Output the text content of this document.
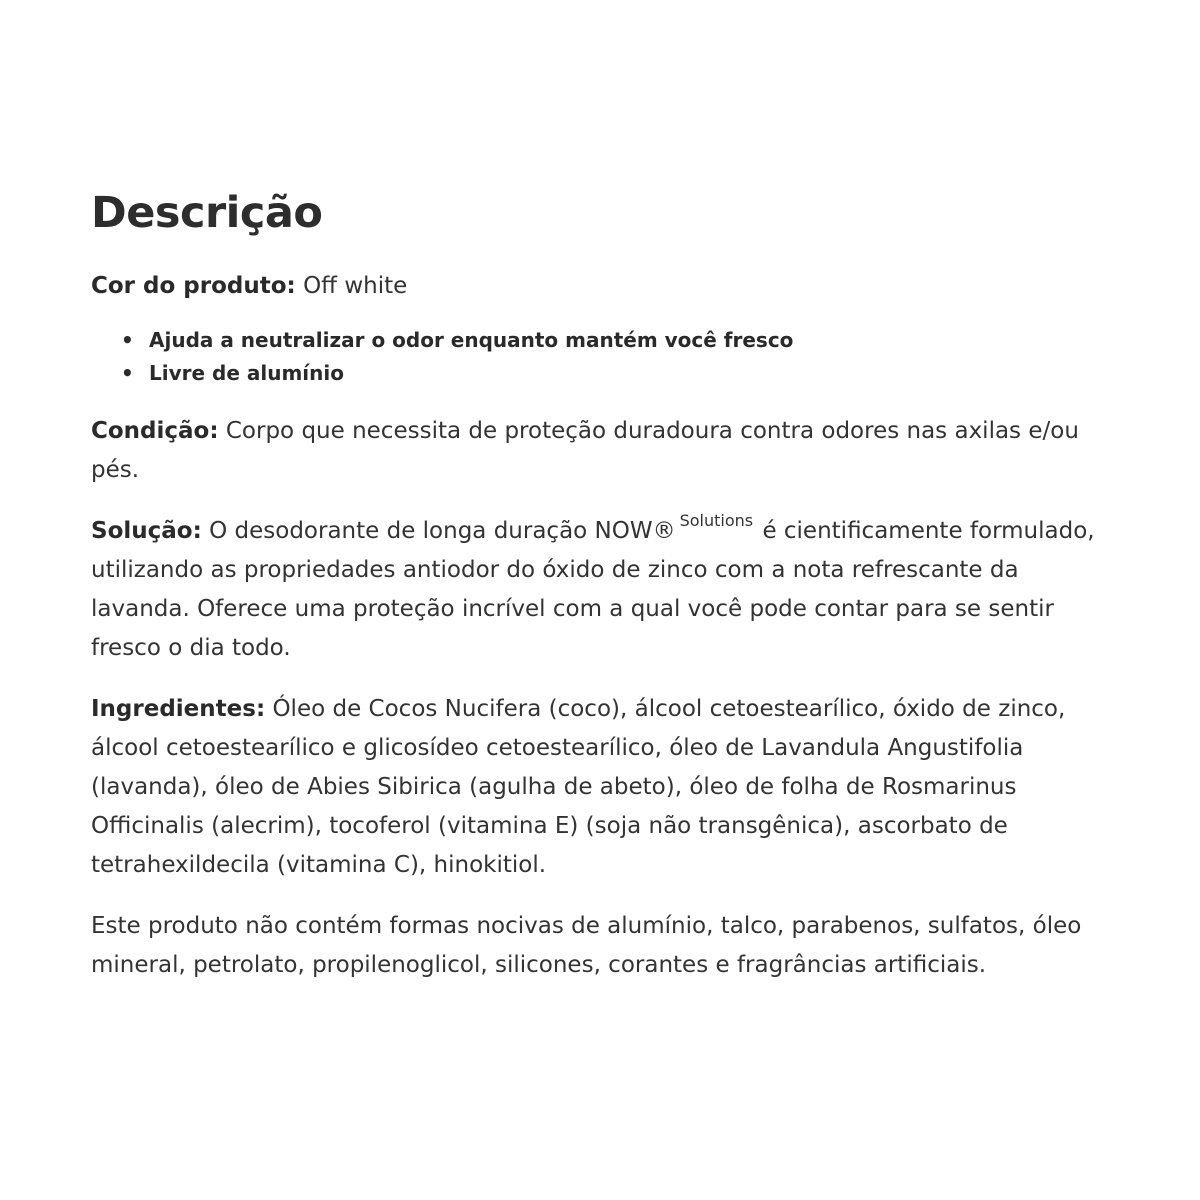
Descrição

Cor do produto: Off white

• Ajuda a neutralizar o odor enquanto mantém você fresco
• Livre de alumínio

Condição: Corpo que necessita de proteção duradoura contra odores nas axilas e/ou pés.

Solução: O desodorante de longa duração NOW® $^{Solutions}$ é cientificamente formulado, utilizando as propriedades antiodor do óxido de zinco com a nota refrescante da lavanda. Oferece uma proteção incrível com a qual você pode contar para se sentir fresco o dia todo.

Ingredientes: Óleo de Cocos Nucifera (coco), álcool cetoestearílico, óxido de zinco, álcool cetoestearílico e glicosídeo cetoestearílico, óleo de Lavandula Angustifolia (lavanda), óleo de Abies Sibirica (agulha de abeto), óleo de folha de Rosmarinus Officinalis (alecrim), tocoferol (vitamina E) (soja não transgênica), ascorbato de tetrahexildecila (vitamina C), hinokitiol.

Este produto não contém formas nocivas de alumínio, talco, parabenos, sulfatos, óleo mineral, petrolato, propilenoglicol, silicones, corantes e fragrâncias artificiais.
